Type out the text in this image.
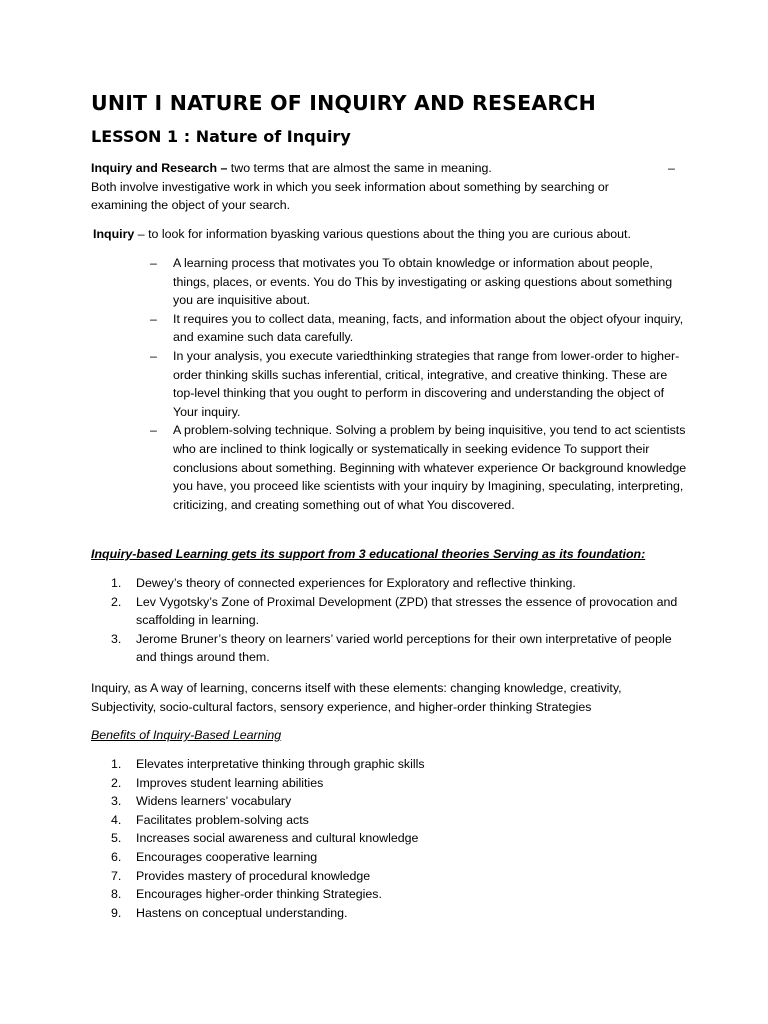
UNIT I NATURE OF INQUIRY AND RESEARCH
LESSON 1 : Nature of Inquiry

Inquiry and Research – two terms that are almost the same in meaning.
Both involve investigative work in which you seek information about something by searching or
examining the object of your search.

–

Inquiry – to look for information byasking various questions about the thing you are curious about.

– A learning process that motivates you To obtain knowledge or information about people, things, places, or events. You do This by investigating or asking questions about something you are inquisitive about.
– It requires you to collect data, meaning, facts, and information about the object ofyour inquiry, and examine such data carefully.
– In your analysis, you execute variedthinking strategies that range from lower-order to higher-order thinking skills suchas inferential, critical, integrative, and creative thinking. These are top-level thinking that you ought to perform in discovering and understanding the object of Your inquiry.
– A problem-solving technique. Solving a problem by being inquisitive, you tend to act scientists who are inclined to think logically or systematically in seeking evidence To support their conclusions about something. Beginning with whatever experience Or background knowledge you have, you proceed like scientists with your inquiry by Imagining, speculating, interpreting, criticizing, and creating something out of what You discovered.

Inquiry-based Learning gets its support from 3 educational theories Serving as its foundation:

1. Dewey’s theory of connected experiences for Exploratory and reflective thinking.
2. Lev Vygotsky’s Zone of Proximal Development (ZPD) that stresses the essence of provocation and scaffolding in learning.
3. Jerome Bruner’s theory on learners’ varied world perceptions for their own interpretative of people and things around them.

Inquiry, as A way of learning, concerns itself with these elements: changing knowledge, creativity,
Subjectivity, socio-cultural factors, sensory experience, and higher-order thinking Strategies

Benefits of Inquiry-Based Learning

1. Elevates interpretative thinking through graphic skills
2. Improves student learning abilities
3. Widens learners’ vocabulary
4. Facilitates problem-solving acts
5. Increases social awareness and cultural knowledge
6. Encourages cooperative learning
7. Provides mastery of procedural knowledge
8. Encourages higher-order thinking Strategies.
9. Hastens on conceptual understanding.
